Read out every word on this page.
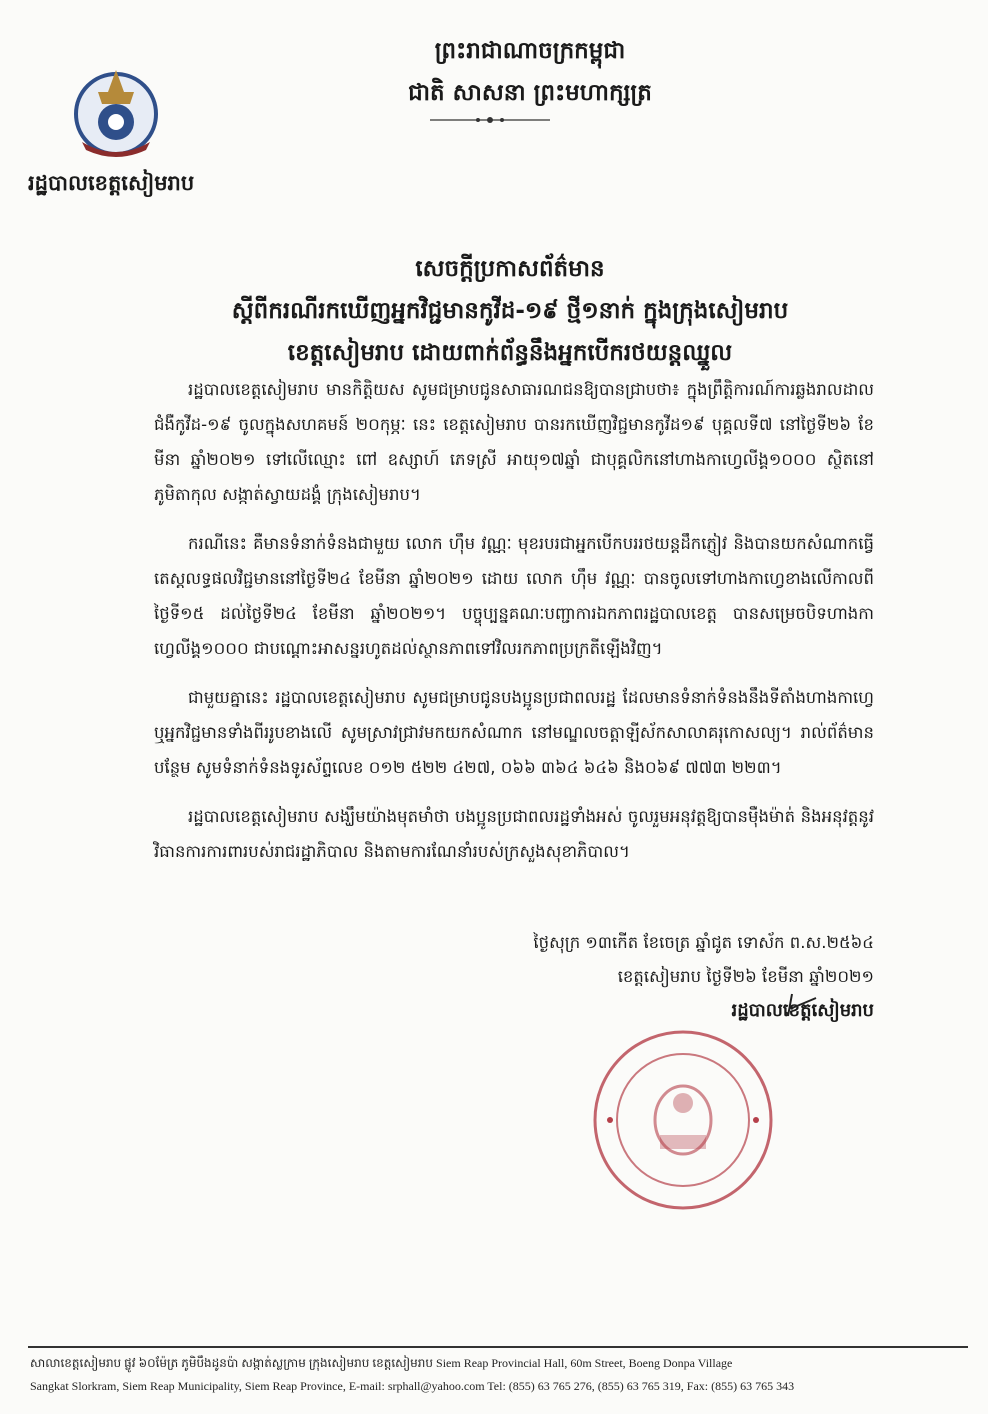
រដ្ឋបាលខេត្តសៀមរាប
ព្រះរាជាណាចក្រកម្ពុជា
ជាតិ សាសនា ព្រះមហាក្សត្រ
សេចក្តីប្រកាសព័ត៌មាន
ស្តីពីករណីរកឃើញអ្នកវិជ្ជមានកូវីដ-១៩ ថ្មី១នាក់ ក្នុងក្រុងសៀមរាប
ខេត្តសៀមរាប ដោយពាក់ព័ន្ធនឹងអ្នកបើករថយន្តឈ្នួល

រដ្ឋបាលខេត្តសៀមរាប មានកិត្តិយស សូមជម្រាបជូនសាធារណជនឱ្យបានជ្រាបថា៖ ក្នុងព្រឹត្តិការណ៍ការឆ្លងរាលដាលជំងឺកូវីដ-១៩ ចូលក្នុងសហគមន៍ ២០កុម្ភៈ នេះ ខេត្តសៀមរាប បានរកឃើញវិជ្ជមានកូវីដ១៩ បុគ្គលទី៧ នៅថ្ងៃទី២៦ ខែមីនា ឆ្នាំ២០២១ ទៅលើឈ្មោះ ពៅ ឧស្សាហ៍ ភេទស្រី អាយុ១៧ឆ្នាំ ជាបុគ្គលិកនៅហាងកាហ្វេលីង្គ១០០០ ស្ថិតនៅភូមិតាកុល សង្កាត់ស្វាយដង្គំ ក្រុងសៀមរាប។

ករណីនេះ គឺមានទំនាក់ទំនងជាមួយ លោក ហ៊ឹម វណ្ណៈ មុខរបរជាអ្នកបើកបររថយន្តដឹកភ្ញៀវ និងបានយកសំណាកធ្វើតេស្តលទ្ធផលវិជ្ជមាននៅថ្ងៃទី២៤ ខែមីនា ឆ្នាំ២០២១ ដោយ លោក ហ៊ឹម វណ្ណៈ បានចូលទៅហាងកាហ្វេខាងលើកាលពីថ្ងៃទី១៥ ដល់ថ្ងៃទី២៤ ខែមីនា ឆ្នាំ២០២១។ បច្ចុប្បន្នគណៈបញ្ជាការឯកភាពរដ្ឋបាលខេត្ត បានសម្រេចបិទហាងកាហ្វេលីង្គ១០០០ ជាបណ្តោះអាសន្នរហូតដល់ស្ថានភាពទៅវិលរកភាពប្រក្រតីឡើងវិញ។

ជាមួយគ្នានេះ រដ្ឋបាលខេត្តសៀមរាប សូមជម្រាបជូនបងប្អូនប្រជាពលរដ្ឋ ដែលមានទំនាក់ទំនងនឹងទីតាំងហាងកាហ្វេ ឬអ្នកវិជ្ជមានទាំងពីររូបខាងលើ សូមស្រាវជ្រាវមកយកសំណាក នៅមណ្ឌលចត្តាឡីស័កសាលាគរុកោសល្យ។ រាល់ព័ត៌មានបន្ថែម សូមទំនាក់ទំនងទូរស័ព្ទលេខ ០១២ ៥២២ ៤២៧, ០៦៦ ៣៦៤ ៦៤៦ និង០៦៩ ៧៧៣ ២២៣។

រដ្ឋបាលខេត្តសៀមរាប សង្ឃឹមយ៉ាងមុតមាំថា បងប្អូនប្រជាពលរដ្ឋទាំងអស់ ចូលរួមអនុវត្តឱ្យបានម៉ឺងម៉ាត់ និងអនុវត្តនូវវិធានការការពារបស់រាជរដ្ឋាភិបាល និងតាមការណែនាំរបស់ក្រសួងសុខាភិបាល។

ថ្ងៃសុក្រ ១៣កើត ខែចេត្រ ឆ្នាំជូត ទោស័ក ព.ស.២៥៦៤
ខេត្តសៀមរាប ថ្ងៃទី២៦ ខែមីនា ឆ្នាំ២០២១
រដ្ឋបាលខេត្តសៀមរាប
សាលាខេត្តសៀមរាប ផ្លូវ ៦០ម៉ែត្រ ភូមិបឹងដូនប៉ា សង្កាត់ស្លក្រាម ក្រុងសៀមរាប ខេត្តសៀមរាប Siem Reap Provincial Hall, 60m Street, Boeng Donpa Village
Sangkat Slorkram, Siem Reap Municipality, Siem Reap Province, E-mail: srphall@yahoo.com Tel: (855) 63 765 276, (855) 63 765 319, Fax: (855) 63 765 343
